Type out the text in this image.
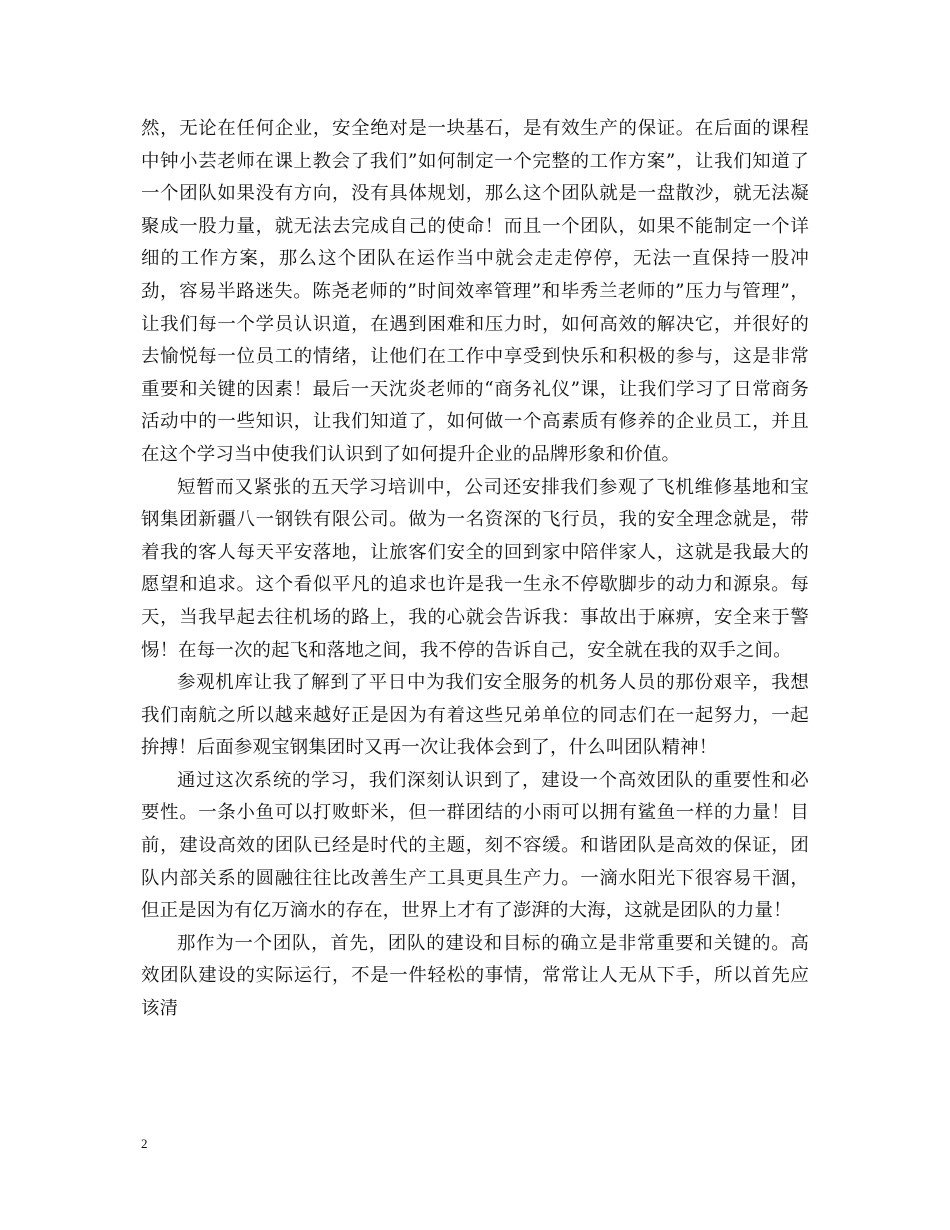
然，无论在任何企业，安全绝对是一块基石，是有效生产的保证。在后面的课程中钟小芸老师在课上教会了我们”如何制定一个完整的工作方案”，让我们知道了一个团队如果没有方向，没有具体规划，那么这个团队就是一盘散沙，就无法凝聚成一股力量，就无法去完成自己的使命！而且一个团队，如果不能制定一个详细的工作方案，那么这个团队在运作当中就会走走停停，无法一直保持一股冲劲，容易半路迷失。陈尧老师的”时间效率管理”和毕秀兰老师的”压力与管理”，让我们每一个学员认识道，在遇到困难和压力时，如何高效的解决它，并很好的去愉悦每一位员工的情绪，让他们在工作中享受到快乐和积极的参与，这是非常重要和关键的因素！最后一天沈炎老师的“商务礼仪”课，让我们学习了日常商务活动中的一些知识，让我们知道了，如何做一个高素质有修养的企业员工，并且在这个学习当中使我们认识到了如何提升企业的品牌形象和价值。

短暂而又紧张的五天学习培训中，公司还安排我们参观了飞机维修基地和宝钢集团新疆八一钢铁有限公司。做为一名资深的飞行员，我的安全理念就是，带着我的客人每天平安落地，让旅客们安全的回到家中陪伴家人，这就是我最大的愿望和追求。这个看似平凡的追求也许是我一生永不停歇脚步的动力和源泉。每天，当我早起去往机场的路上，我的心就会告诉我：事故出于麻痹，安全来于警惕！在每一次的起飞和落地之间，我不停的告诉自己，安全就在我的双手之间。

参观机库让我了解到了平日中为我们安全服务的机务人员的那份艰辛，我想我们南航之所以越来越好正是因为有着这些兄弟单位的同志们在一起努力，一起拚搏！后面参观宝钢集团时又再一次让我体会到了，什么叫团队精神！

通过这次系统的学习，我们深刻认识到了，建设一个高效团队的重要性和必要性。一条小鱼可以打败虾米，但一群团结的小雨可以拥有鲨鱼一样的力量！目前，建设高效的团队已经是时代的主题，刻不容缓。和谐团队是高效的保证，团队内部关系的圆融往往比改善生产工具更具生产力。一滴水阳光下很容易干涸，但正是因为有亿万滴水的存在，世界上才有了澎湃的大海，这就是团队的力量！

那作为一个团队，首先，团队的建设和目标的确立是非常重要和关键的。高效团队建设的实际运行，不是一件轻松的事情，常常让人无从下手，所以首先应该清

2
